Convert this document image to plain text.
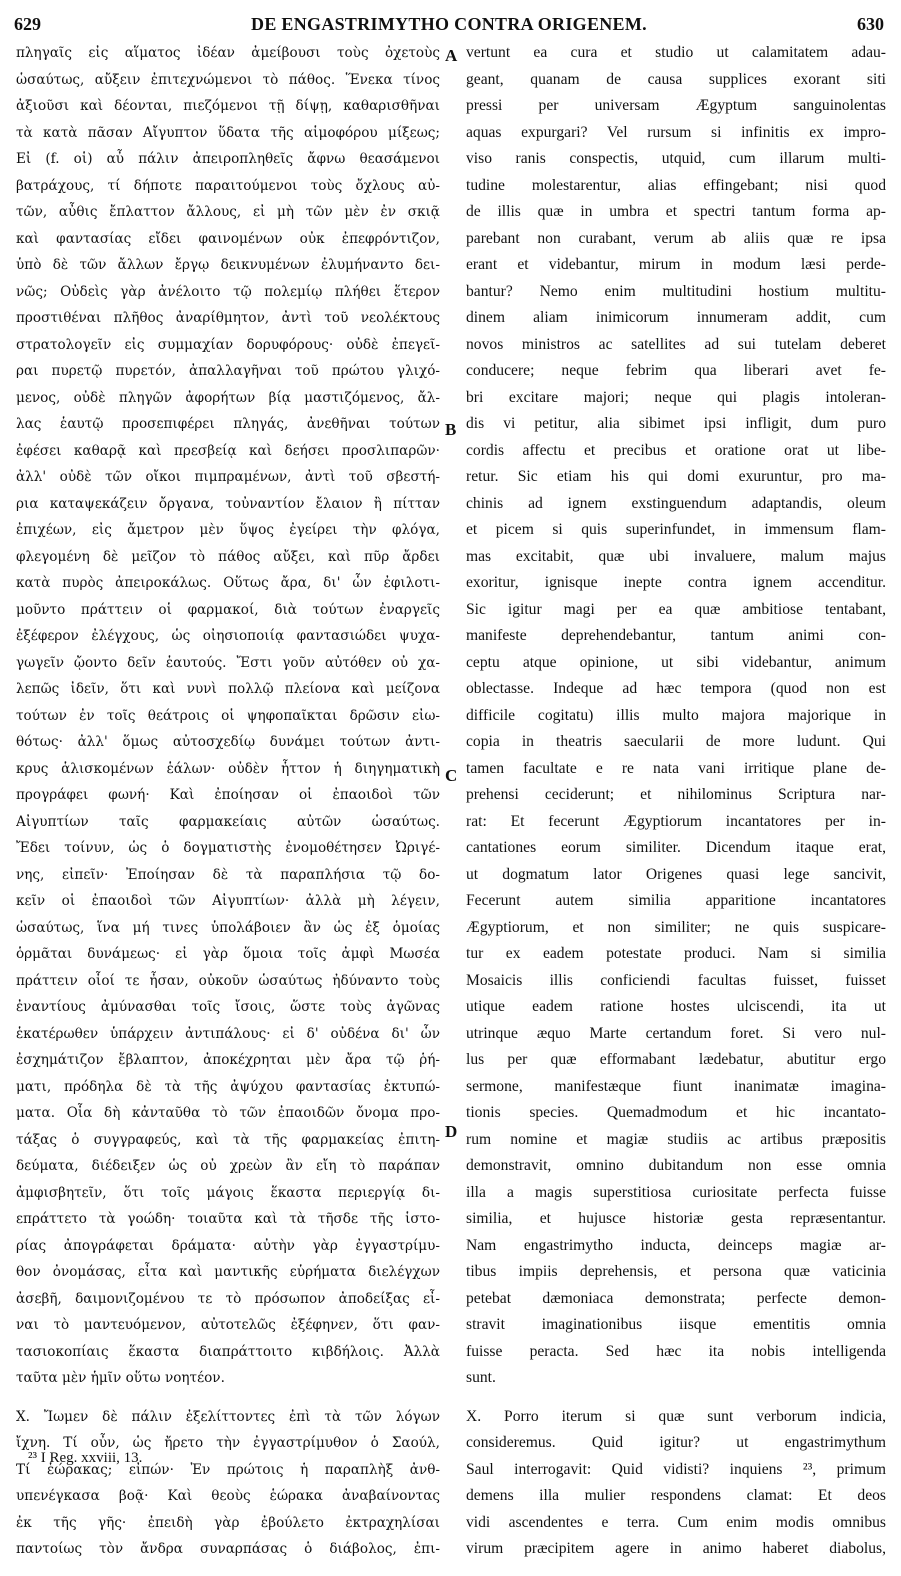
629	DE ENGASTRIMYTHO CONTRA ORIGENEM.	630
πληγαῖς εἰς αἵματος ἰδέαν ἀμείβουσι τοὺς ὀχετοὺς
ὡσαύτως, αὔξειν ἐπιτεχνώμενοι τὸ πάθος. Ἕνεκα τίνος
ἀξιοῦσι καὶ δέονται, πιεζόμενοι τῇ δίψῃ, καθαρισθῆναι
τὰ κατὰ πᾶσαν Αἴγυπτον ὕδατα τῆς αἱμοφόρου μίξεως;
Εἰ (f. οἱ) αὖ πάλιν ἀπειροπληθεῖς ἄφνω θεασάμενοι
βατράχους, τί δήποτε παραιτούμενοι τοὺς ὄχλους αὐ-
τῶν, αὖθις ἔπλαττον ἄλλους, εἰ μὴ τῶν μὲν ἐν σκιᾷ
καὶ φαντασίας εἴδει φαινομένων οὐκ ἐπεφρόντιζον,
ὑπὸ δὲ τῶν ἄλλων ἔργῳ δεικνυμένων ἐλυμήναντο δει-
νῶς; Οὐδεὶς γὰρ ἀνέλοιτο τῷ πολεμίῳ πλήθει ἕτερον
προστιθέναι πλῆθος ἀναρίθμητον, ἀντὶ τοῦ νεολέκτους
στρατολογεῖν εἰς συμμαχίαν δορυφόρους· οὐδὲ ἐπεγεῖ-
ραι πυρετῷ πυρετόν, ἀπαλλαγῆναι τοῦ πρώτου γλιχό-
μενος, οὐδὲ πληγῶν ἀφορήτων βίᾳ μαστιζόμενος, ἄλ-
λας ἑαυτῷ προσεπιφέρει πληγάς, ἀνεθῆναι τούτων
ἐφέσει καθαρᾷ καὶ πρεσβείᾳ καὶ δεήσει προσλιπαρῶν·
ἀλλ' οὐδὲ τῶν οἴκοι πιμπραμένων, ἀντὶ τοῦ σβεστή-
ρια καταψεκάζειν ὄργανα, τοὐναντίον ἔλαιον ἢ πίτταν
ἐπιχέων, εἰς ἄμετρον μὲν ὕψος ἐγείρει τὴν φλόγα,
φλεγομένη δὲ μεῖζον τὸ πάθος αὔξει, καὶ πῦρ ἄρδει
κατὰ πυρὸς ἀπειροκάλως. Οὕτως ἄρα, δι' ὧν ἐφιλοτι-
μοῦντο πράττειν οἱ φαρμακοί, διὰ τούτων ἐναργεῖς
ἐξέφερον ἐλέγχους, ὡς οἰησιοποιίᾳ φαντασιώδει ψυχα-
γωγεῖν ᾤοντο δεῖν ἑαυτούς. Ἔστι γοῦν αὐτόθεν οὐ χα-
λεπῶς ἰδεῖν, ὅτι καὶ νυνὶ πολλῷ πλείονα καὶ μείζονα
τούτων ἐν τοῖς θεάτροις οἱ ψηφοπαῖκται δρῶσιν εἰω-
θότως· ἀλλ' ὅμως αὐτοσχεδίῳ δυνάμει τούτων ἀντι-
κρυς ἁλισκομένων ἑάλων· οὐδὲν ἧττον ἡ διηγηματικὴ
προγράφει φωνή· Καὶ ἐποίησαν οἱ ἐπαοιδοὶ τῶν
Αἰγυπτίων ταῖς φαρμακείαις αὐτῶν ὡσαύτως.
Ἔδει τοίνυν, ὡς ὁ δογματιστὴς ἐνομοθέτησεν Ὠριγέ-
νης, εἰπεῖν· Ἐποίησαν δὲ τὰ παραπλήσια τῷ δο-
κεῖν οἱ ἐπαοιδοὶ τῶν Αἰγυπτίων· ἀλλὰ μὴ λέγειν,
ὡσαύτως, ἵνα μή τινες ὑπολάβοιεν ἂν ὡς ἐξ ὁμοίας
ὁρμᾶται δυνάμεως· εἰ γὰρ ὅμοια τοῖς ἀμφὶ Μωσέα
πράττειν οἷοί τε ἦσαν, οὐκοῦν ὡσαύτως ἠδύναντο τοὺς
ἐναντίους ἀμύνασθαι τοῖς ἴσοις, ὥστε τοὺς ἀγῶνας
ἑκατέρωθεν ὑπάρχειν ἀντιπάλους· εἰ δ' οὐδένα δι' ὧν
ἐσχημάτιζον ἔβλαπτον, ἀποκέχρηται μὲν ἄρα τῷ ῥή-
ματι, πρόδηλα δὲ τὰ τῆς ἀψύχου φαντασίας ἐκτυπώ-
ματα. Οἷα δὴ κἀνταῦθα τὸ τῶν ἐπαοιδῶν ὄνομα προ-
τάξας ὁ συγγραφεύς, καὶ τὰ τῆς φαρμακείας ἐπιτη-
δεύματα, διέδειξεν ὡς οὐ χρεὼν ἂν εἴη τὸ παράπαν
ἀμφισβητεῖν, ὅτι τοῖς μάγοις ἕκαστα περιεργίᾳ δι-
επράττετο τὰ γοώδη· τοιαῦτα καὶ τὰ τῆσδε τῆς ἱστο-
ρίας ἀπογράφεται δράματα· αὐτὴν γὰρ ἐγγαστρίμυ-
θον ὀνομάσας, εἶτα καὶ μαντικῆς εὑρήματα διελέγχων
ἀσεβῆ, δαιμονιζομένου τε τὸ πρόσωπον ἀποδείξας εἶ-
ναι τὸ μαντευόμενον, αὐτοτελῶς ἐξέφηνεν, ὅτι φαν-
τασιοκοπίαις ἕκαστα διαπράττοιτο κιβδήλοις. Ἀλλὰ
ταῦτα μὲν ἡμῖν οὕτω νοητέον.
Χ. Ἴωμεν δὲ πάλιν ἐξελίττοντες ἐπὶ τὰ τῶν λόγων
ἴχνη. Τί οὖν, ὡς ἤρετο τὴν ἐγγαστρίμυθον ὁ Σαούλ,
Τί ἑώρακας; εἰπών· Ἐν πρώτοις ἡ παραπλὴξ ἀνθ-
υπενέγκασα βοᾷ· Καὶ θεοὺς ἑώρακα ἀναβαίνοντας
ἐκ τῆς γῆς· ἐπειδὴ γὰρ ἐβούλετο ἐκτραχηλίσαι
παντοίως τὸν ἄνδρα συναρπάσας ὁ διάβολος, ἐπι-
vertunt ea cura et studio ut calamitatem adau-
geant, quanam de causa supplices exorant siti
pressi per universam Ægyptum sanguinolentas
aquas expurgari? Vel rursum si infinitis ex impro-
viso ranis conspectis, utquid, cum illarum multi-
tudine molestarentur, alias effingebant; nisi quod
de illis quæ in umbra et spectri tantum forma ap-
parebant non curabant, verum ab aliis quæ re ipsa
erant et videbantur, mirum in modum læsi perde-
bantur? Nemo enim multitudini hostium multitu-
dinem aliam inimicorum innumeram addit, cum
novos ministros ac satellites ad sui tutelam deberet
conducere; neque febrim qua liberari avet fe-
bri excitare majori; neque qui plagis intoleran-
dis vi petitur, alia sibimet ipsi infligit, dum puro
cordis affectu et precibus et oratione orat ut libe-
retur. Sic etiam his qui domi exuruntur, pro ma-
chinis ad ignem exstinguendum adaptandis, oleum
et picem si quis superinfundet, in immensum flam-
mas excitabit, quæ ubi invaluere, malum majus
exoritur, ignisque inepte contra ignem accenditur.
Sic igitur magi per ea quæ ambitiose tentabant,
manifeste deprehendebantur, tantum animi con-
ceptu atque opinione, ut sibi videbantur, animum
oblectasse. Indeque ad hæc tempora (quod non est
difficile cogitatu) illis multo majora majorique in
copia in theatris saecularii de more ludunt. Qui
tamen facultate e re nata vani irritique plane de-
prehensi ceciderunt; et nihilominus Scriptura nar-
rat: Et fecerunt Ægyptiorum incantatores per in-
cantationes eorum similiter. Dicendum itaque erat,
ut dogmatum lator Origenes quasi lege sancivit,
Fecerunt autem similia apparitione incantatores
Ægyptiorum, et non similiter; ne quis suspicare-
tur ex eadem potestate produci. Nam si similia
Mosaicis illis conficiendi facultas fuisset, fuisset
utique eadem ratione hostes ulciscendi, ita ut
utrinque æquo Marte certandum foret. Si vero nul-
lus per quæ efformabant lædebatur, abutitur ergo
sermone, manifestæque fiunt inanimatæ imagina-
tionis species. Quemadmodum et hic incantato-
rum nomine et magiæ studiis ac artibus præpositis
demonstravit, omnino dubitandum non esse omnia
illa a magis superstitiosa curiositate perfecta fuisse
similia, et hujusce historiæ gesta repræsentantur.
Nam engastrimytho inducta, deinceps magiæ ar-
tibus impiis deprehensis, et persona quæ vaticinia
petebat dæmoniaca demonstrata; perfecte demon-
stravit imaginationibus iisque ementitis omnia
fuisse peracta. Sed hæc ita nobis intelligenda
sunt.
X. Porro iterum si quæ sunt verborum indicia,
consideremus. Quid igitur? ut engastrimythum
Saul interrogavit: Quid vidisti? inquiens ²³, primum
demens illa mulier respondens clamat: Et deos
vidi ascendentes e terra. Cum enim modis omnibus
virum præcipitem agere in animo haberet diabolus,
A
B
C
D
²³ I Reg. xxviii, 13.
